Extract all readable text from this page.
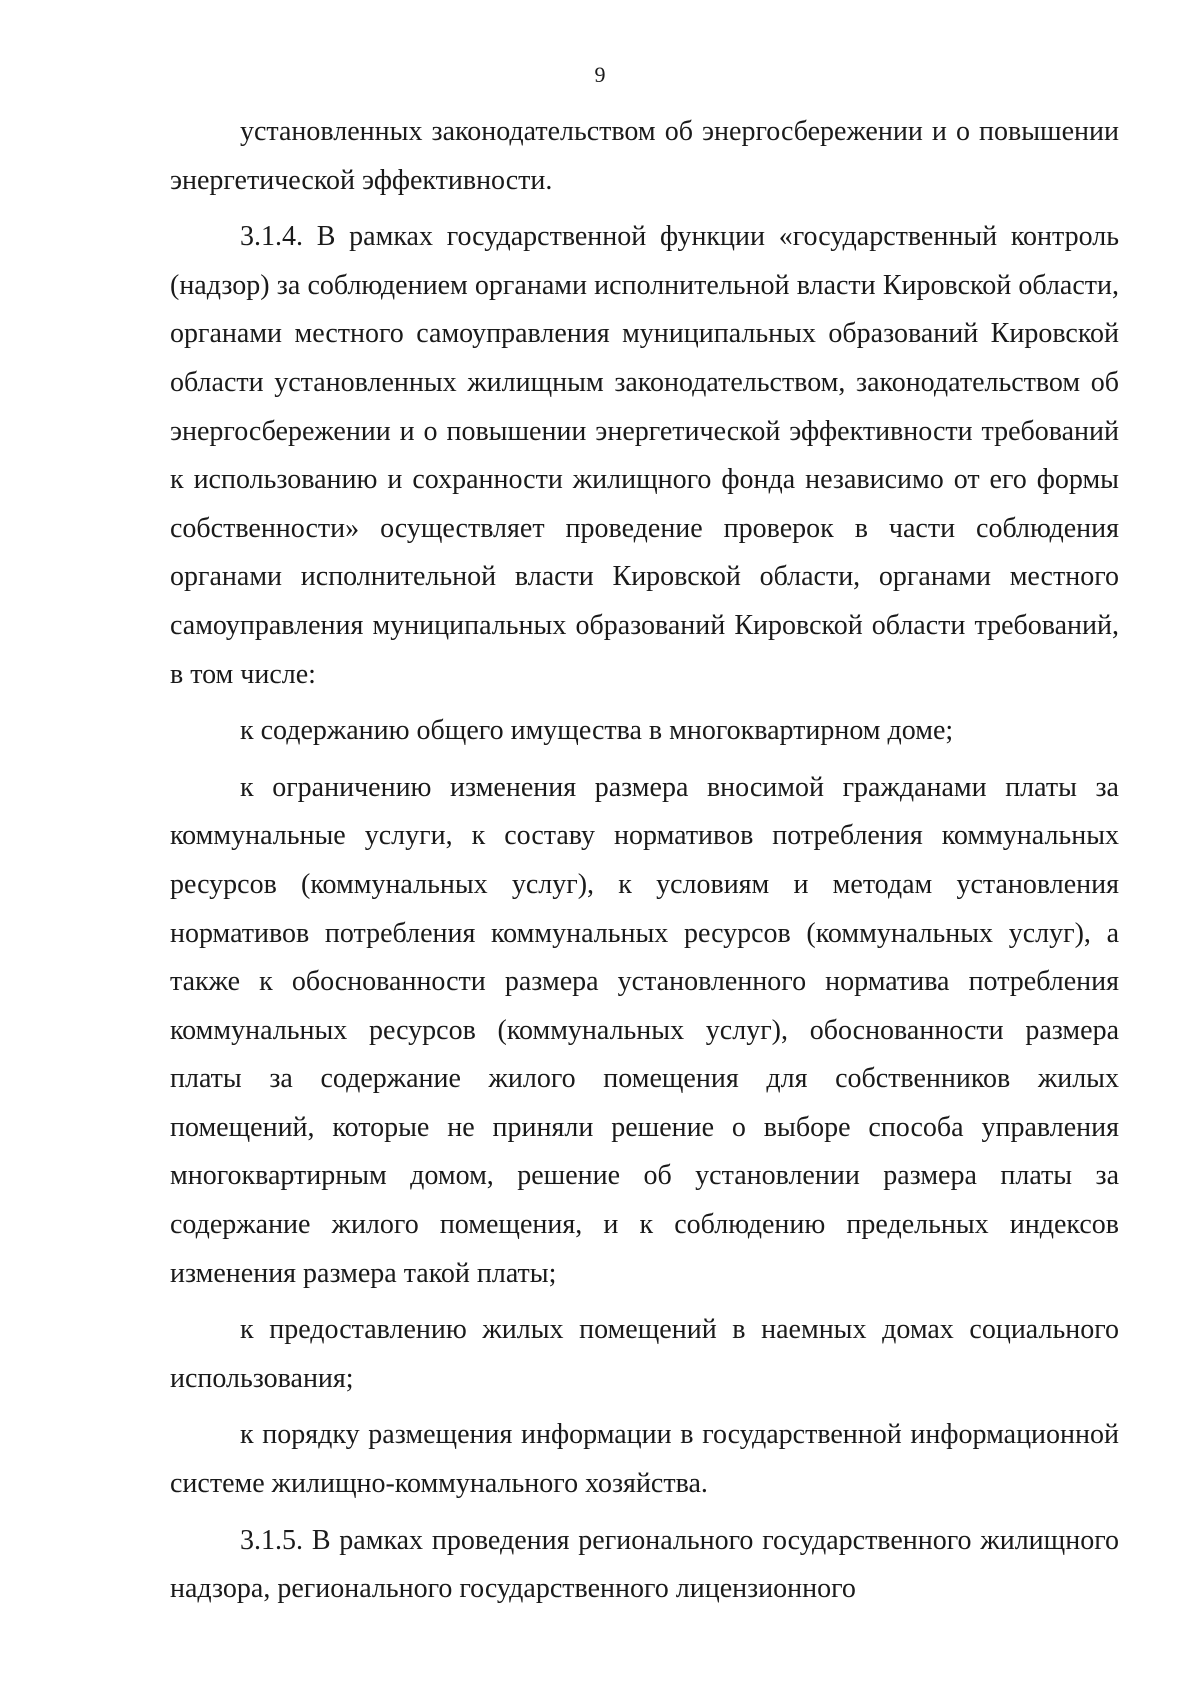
9

установленных законодательством об энергосбережении и о повышении энергетической эффективности.

3.1.4. В рамках государственной функции «государственный контроль (надзор) за соблюдением органами исполнительной власти Кировской области, органами местного самоуправления муниципальных образований Кировской области установленных жилищным законодательством, законодательством об энергосбережении и о повышении энергетической эффективности требований к использованию и сохранности жилищного фонда независимо от его формы собственности» осуществляет проведение проверок в части соблюдения органами исполнительной власти Кировской области, органами местного самоуправления муниципальных образований Кировской области требований, в том числе:

к содержанию общего имущества в многоквартирном доме;

к ограничению изменения размера вносимой гражданами платы за коммунальные услуги, к составу нормативов потребления коммунальных ресурсов (коммунальных услуг), к условиям и методам установления нормативов потребления коммунальных ресурсов (коммунальных услуг), а также к обоснованности размера установленного норматива потребления коммунальных ресурсов (коммунальных услуг), обоснованности размера платы за содержание жилого помещения для собственников жилых помещений, которые не приняли решение о выборе способа управления многоквартирным домом, решение об установлении размера платы за содержание жилого помещения, и к соблюдению предельных индексов изменения размера такой платы;

к предоставлению жилых помещений в наемных домах социального использования;

к порядку размещения информации в государственной информационной системе жилищно-коммунального хозяйства.

3.1.5. В рамках проведения регионального государственного жилищного надзора, регионального государственного лицензионного
